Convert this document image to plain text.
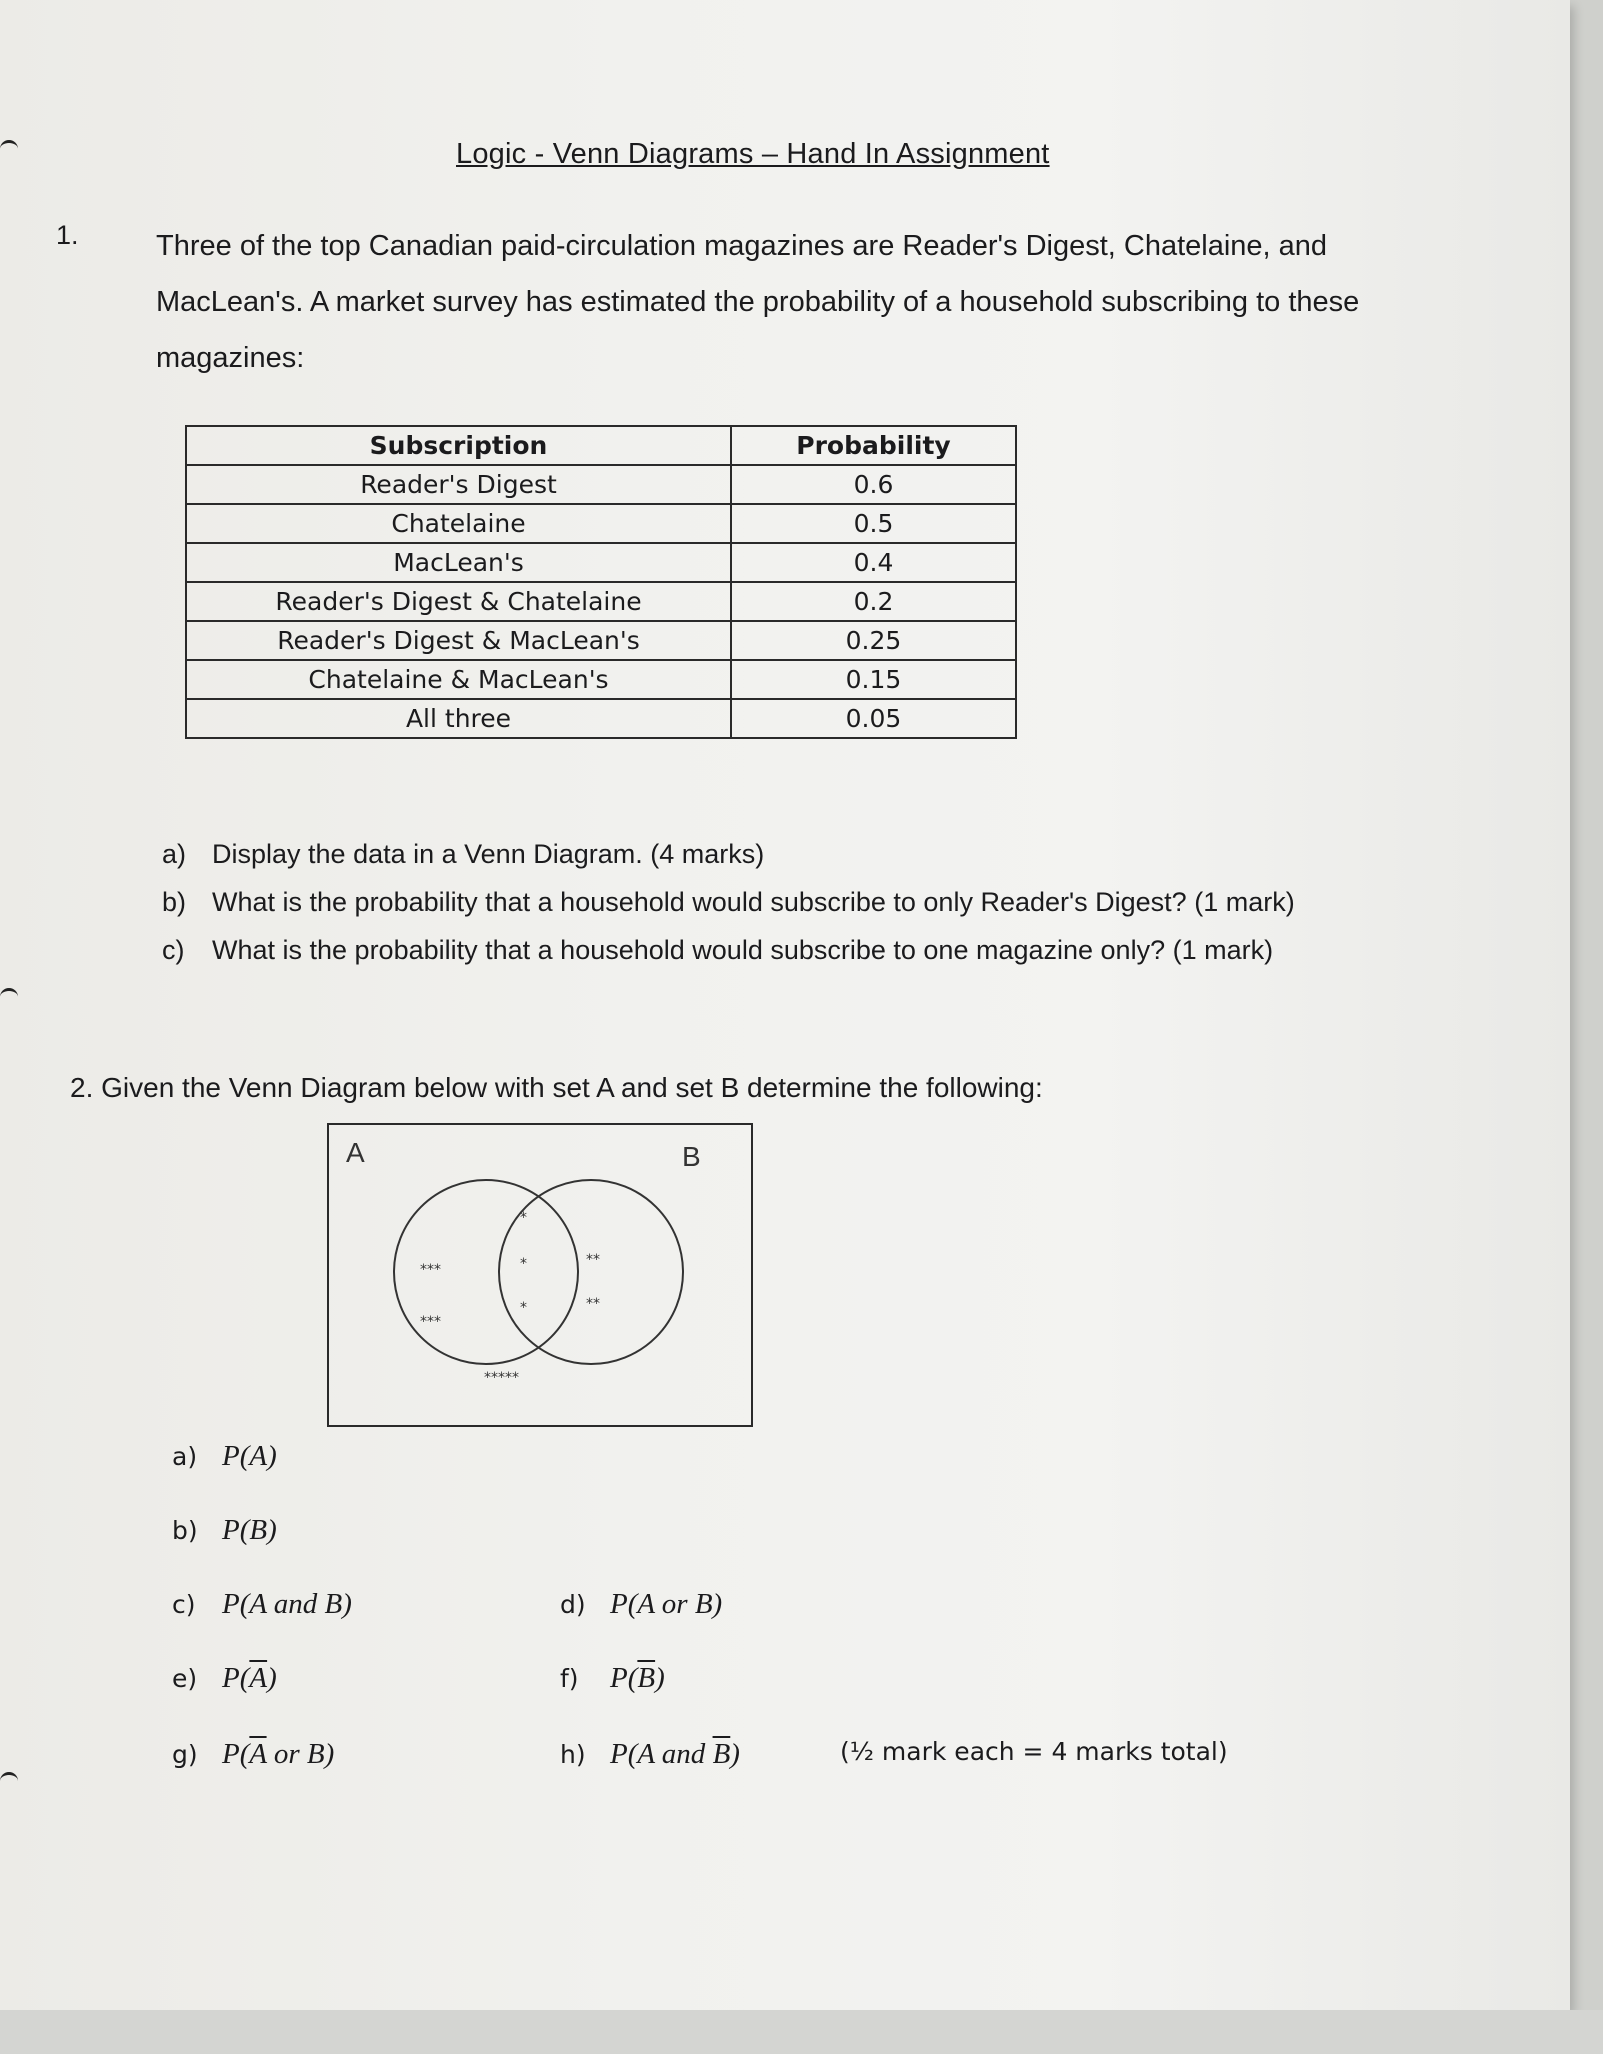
Logic - Venn Diagrams – Hand In Assignment
1.	Three of the top Canadian paid-circulation magazines are Reader's Digest, Chatelaine, and MacLean's. A market survey has estimated the probability of a household subscribing to these magazines:
Subscription	Probability
Reader's Digest	0.6
Chatelaine	0.5
MacLean's	0.4
Reader's Digest & Chatelaine	0.2
Reader's Digest & MacLean's	0.25
Chatelaine & MacLean's	0.15
All three	0.05
a) Display the data in a Venn Diagram. (4 marks)
b) What is the probability that a household would subscribe to only Reader's Digest? (1 mark)
c) What is the probability that a household would subscribe to one magazine only? (1 mark)
2. Given the Venn Diagram below with set A and set B determine the following:
A	B
***
***
*
*
*
**
**
*****
a) P(A)
b) P(B)
c) P(A and B)	d) P(A or B)
e) $P(\overline{A})$	f) $P(\overline{B})$
g) $P(\overline{A}$ or B)	h) P(A and $\overline{B}$)	(½ mark each = 4 marks total)
